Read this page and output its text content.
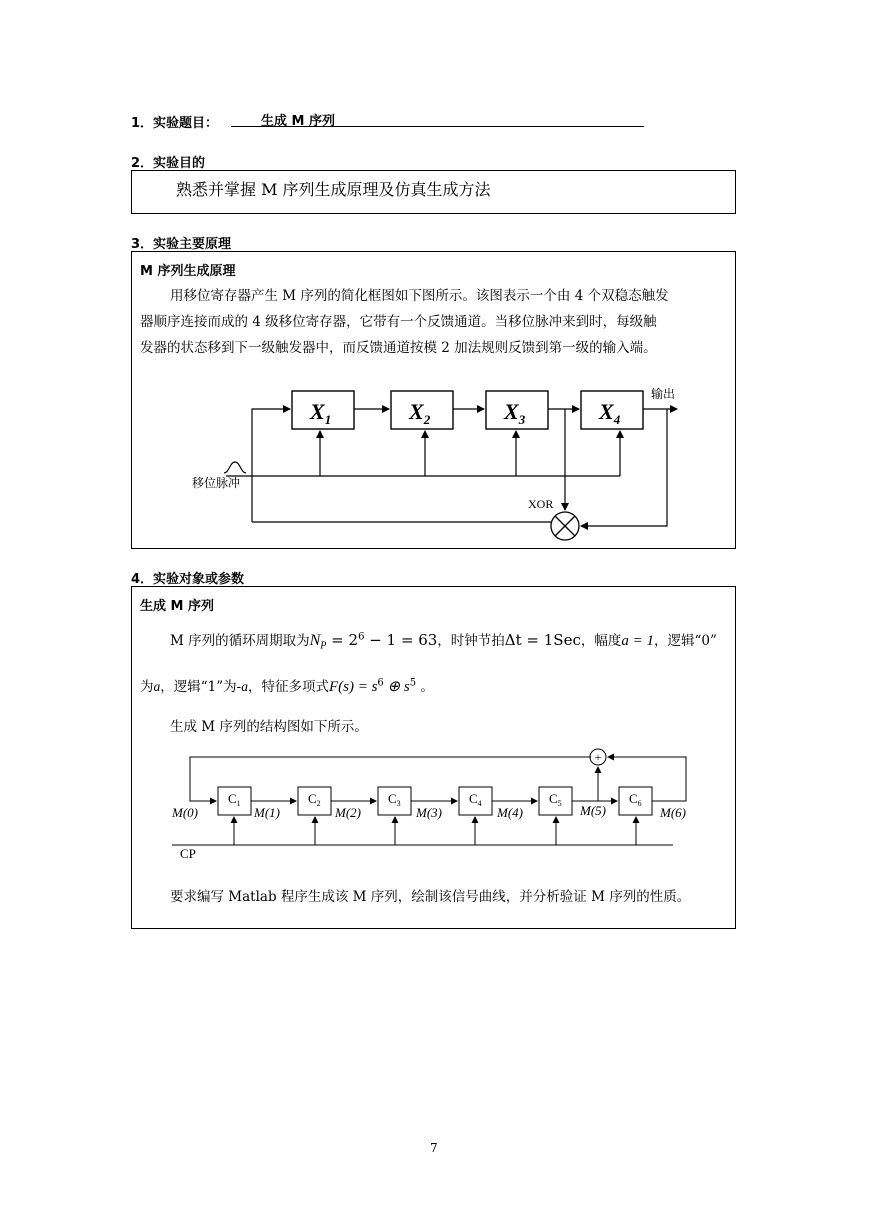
1．实验题目：	生成 M 序列
2．实验目的
熟悉并掌握 M 序列生成原理及仿真生成方法
3．实验主要原理
M 序列生成原理
用移位寄存器产生 M 序列的简化框图如下图所示。该图表示一个由 4 个双稳态触发
器顺序连接而成的 4 级移位寄存器，它带有一个反馈通道。当移位脉冲来到时，每级触
发器的状态移到下一级触发器中，而反馈通道按模 2 加法规则反馈到第一级的输入端。
$X_1$	$X_2$	$X_3$	$X_4$
输出
移位脉冲
XOR
4．实验对象或参数
生成 M 序列
M 序列的循环周期取为$N_P = 2^6 - 1 = 63$，时钟节拍Δt = 1Sec，幅度a = 1，逻辑“0”
为a，逻辑“1”为-a，特征多项式$F(s) = s^6$ ⊕ $s^5$ 。
生成 M 序列的结构图如下所示。
$C_1$	$C_2$	$C_3$	$C_4$	$C_5$	$C_6$
+
M(0)	M(1)	M(2)	M(3)	M(4)	M(5)	M(6)
CP
要求编写 Matlab 程序生成该 M 序列，绘制该信号曲线，并分析验证 M 序列的性质。
7
